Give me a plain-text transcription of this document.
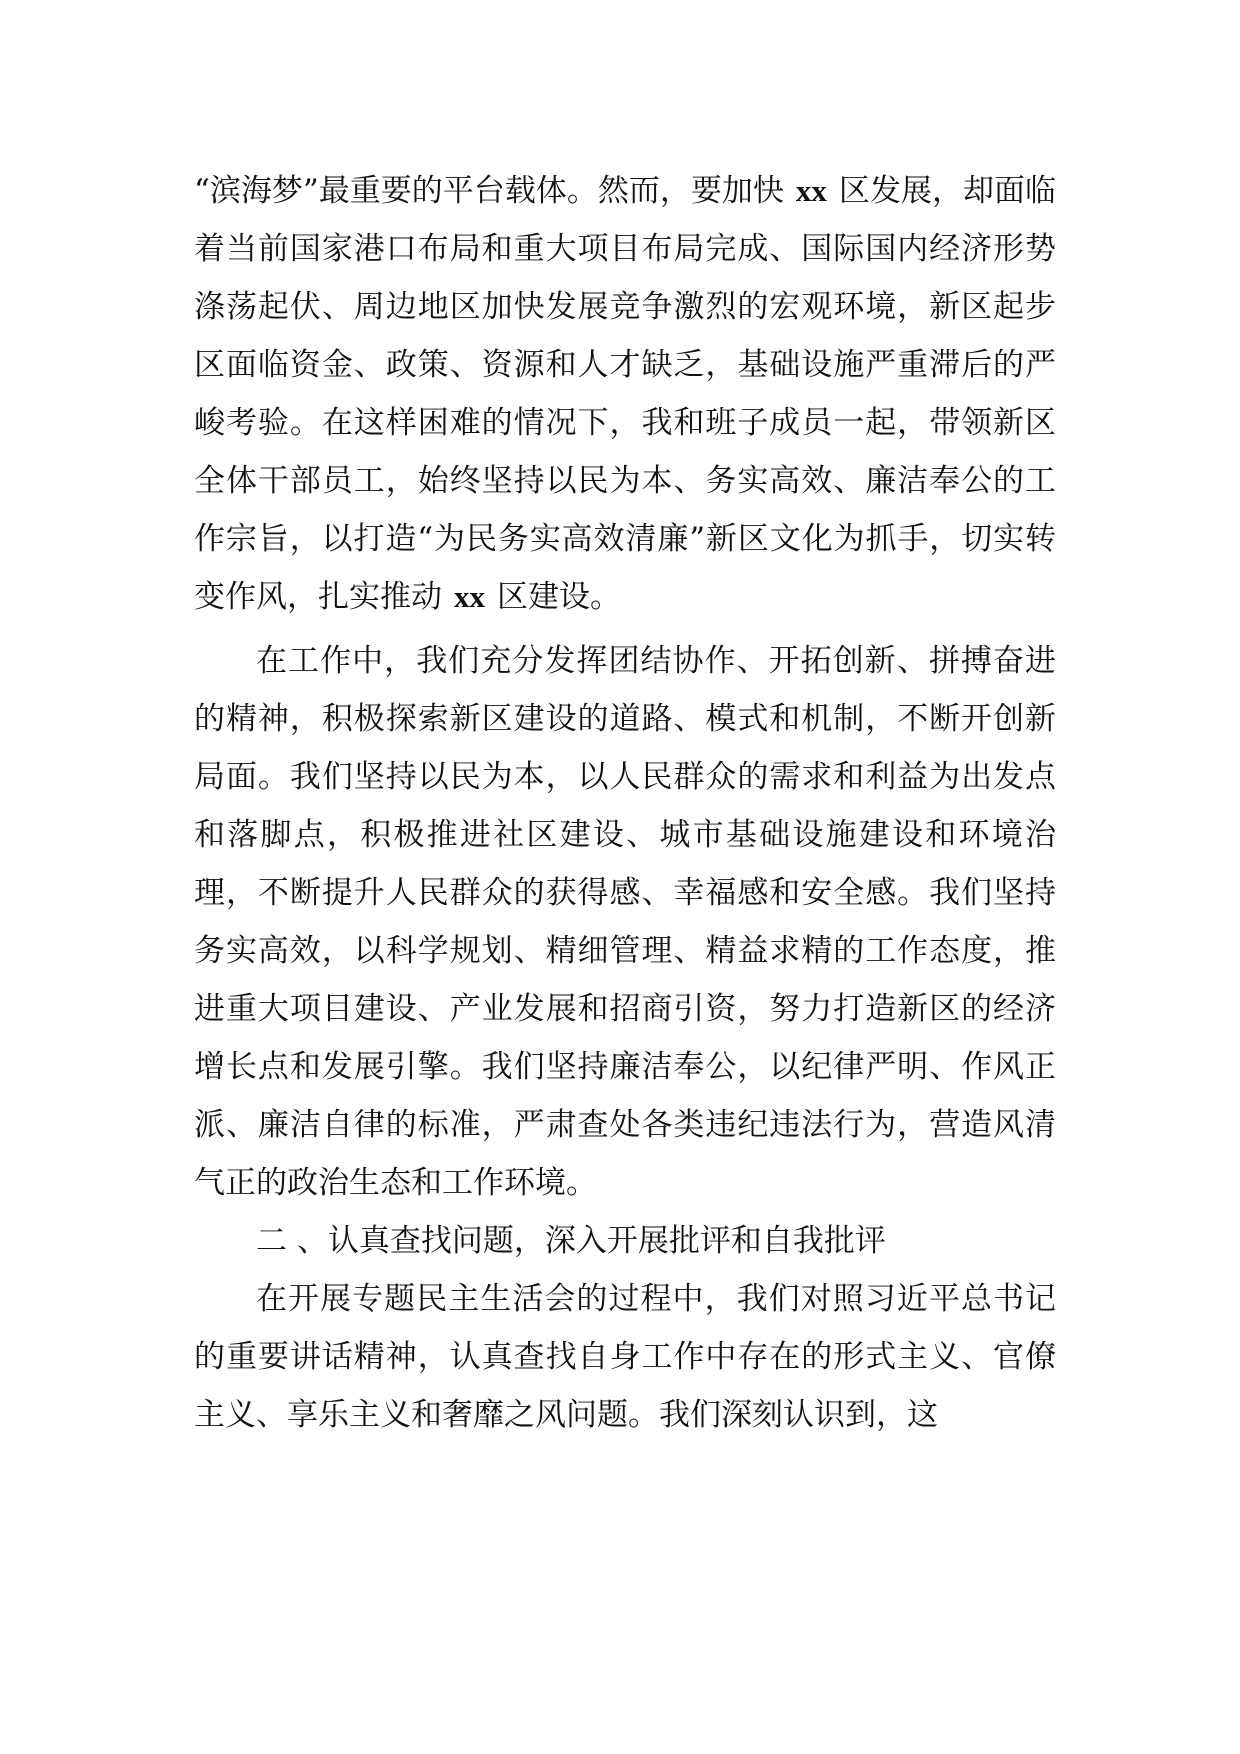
“滨海梦”最重要的平台载体。然而，要加快 xx 区发展，却面临着当前国家港口布局和重大项目布局完成、国际国内经济形势涤荡起伏、周边地区加快发展竞争激烈的宏观环境，新区起步区面临资金、政策、资源和人才缺乏，基础设施严重滞后的严峻考验。在这样困难的情况下，我和班子成员一起，带领新区全体干部员工，始终坚持以民为本、务实高效、廉洁奉公的工作宗旨，以打造“为民务实高效清廉”新区文化为抓手，切实转变作风，扎实推动 xx 区建设。

在工作中，我们充分发挥团结协作、开拓创新、拼搏奋进的精神，积极探索新区建设的道路、模式和机制，不断开创新局面。我们坚持以民为本，以人民群众的需求和利益为出发点和落脚点，积极推进社区建设、城市基础设施建设和环境治理，不断提升人民群众的获得感、幸福感和安全感。我们坚持务实高效，以科学规划、精细管理、精益求精的工作态度，推进重大项目建设、产业发展和招商引资，努力打造新区的经济增长点和发展引擎。我们坚持廉洁奉公，以纪律严明、作风正派、廉洁自律的标准，严肃查处各类违纪违法行为，营造风清气正的政治生态和工作环境。

二 、认真查找问题，深入开展批评和自我批评

在开展专题民主生活会的过程中，我们对照习近平总书记的重要讲话精神，认真查找自身工作中存在的形式主义、官僚主义、享乐主义和奢靡之风问题。我们深刻认识到，这
